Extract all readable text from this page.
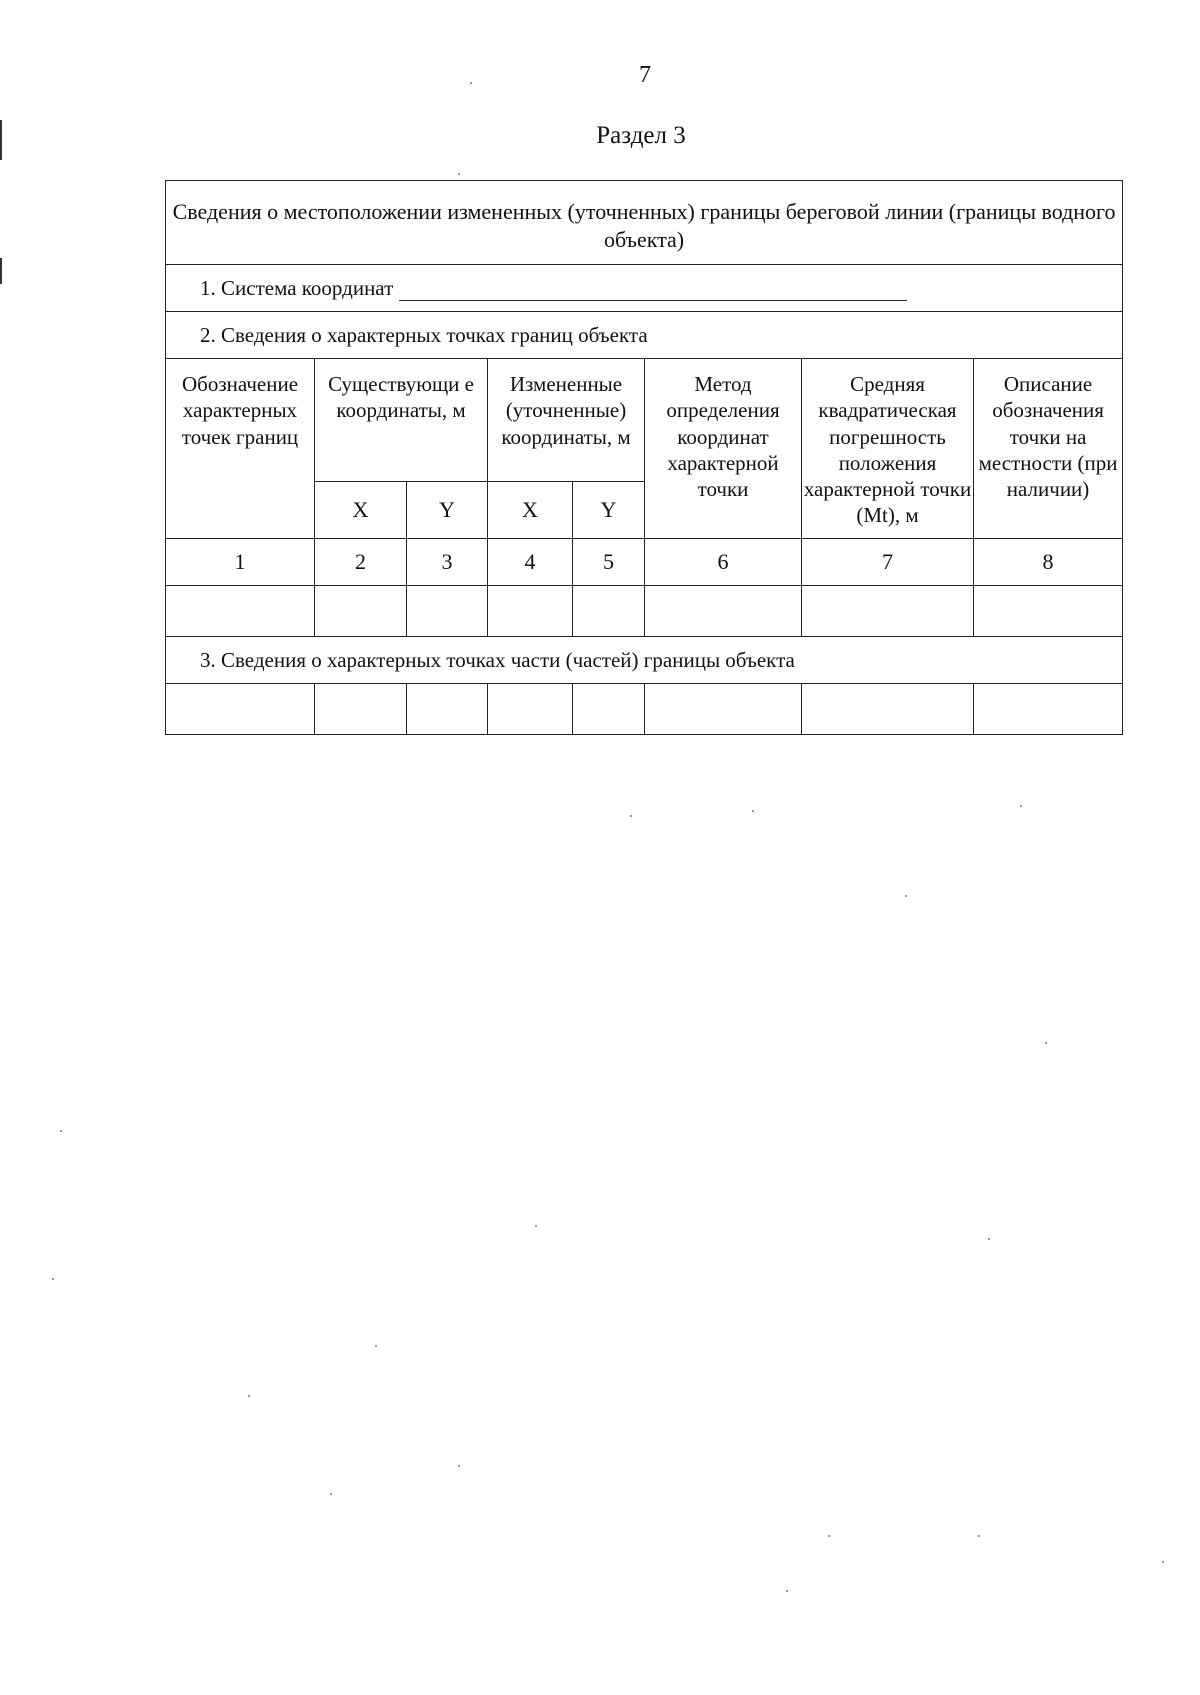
7
Раздел 3
Сведения о местоположении измененных (уточненных) границы береговой линии (границы водного объекта)							
1. Система координат							
2. Сведения о характерных точках границ объекта							
Обозначение характерных точек границ	Существующи е координаты, м		Измененные (уточненные) координаты, м		Метод определения координат характерной точки	Средняя квадратическая погрешность положения характерной точки (Mt), м	Описание обозначения точки на местности (при наличии)
	X	Y	X	Y			
1	2	3	4	5	6	7	8

3. Сведения о характерных точках части (частей) границы объекта							
